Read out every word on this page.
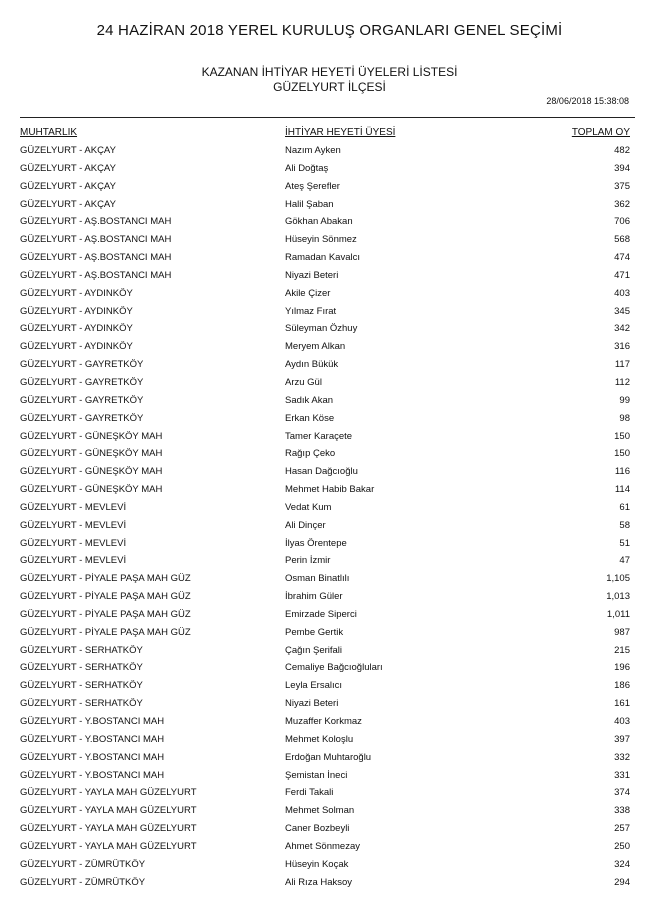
24 HAZİRAN 2018 YEREL KURULUŞ ORGANLARI GENEL SEÇİMİ

KAZANAN İHTİYAR HEYETİ ÜYELERİ LİSTESİ

GÜZELYURT İLÇESİ

28/06/2018 15:38:08
MUHTARLIK	İHTİYAR HEYETİ ÜYESİ	TOPLAM OY
GÜZELYURT - AKÇAY	Nazım Ayken	482
GÜZELYURT - AKÇAY	Ali Doğtaş	394
GÜZELYURT - AKÇAY	Ateş Şerefler	375
GÜZELYURT - AKÇAY	Halil Şaban	362
GÜZELYURT - AŞ.BOSTANCI MAH	Gökhan Abakan	706
GÜZELYURT - AŞ.BOSTANCI MAH	Hüseyin Sönmez	568
GÜZELYURT - AŞ.BOSTANCI MAH	Ramadan Kavalcı	474
GÜZELYURT - AŞ.BOSTANCI MAH	Niyazi Beteri	471
GÜZELYURT - AYDINKÖY	Akile Çizer	403
GÜZELYURT - AYDINKÖY	Yılmaz Fırat	345
GÜZELYURT - AYDINKÖY	Süleyman Özhuy	342
GÜZELYURT - AYDINKÖY	Meryem Alkan	316
GÜZELYURT - GAYRETKÖY	Aydın Bükük	117
GÜZELYURT - GAYRETKÖY	Arzu Gül	112
GÜZELYURT - GAYRETKÖY	Sadık Akan	99
GÜZELYURT - GAYRETKÖY	Erkan Köse	98
GÜZELYURT - GÜNEŞKÖY MAH	Tamer Karaçete	150
GÜZELYURT - GÜNEŞKÖY MAH	Rağıp Çeko	150
GÜZELYURT - GÜNEŞKÖY MAH	Hasan Dağcıoğlu	116
GÜZELYURT - GÜNEŞKÖY MAH	Mehmet Habib Bakar	114
GÜZELYURT - MEVLEVİ	Vedat Kum	61
GÜZELYURT - MEVLEVİ	Ali Dinçer	58
GÜZELYURT - MEVLEVİ	İlyas Örentepe	51
GÜZELYURT - MEVLEVİ	Perin İzmir	47
GÜZELYURT - PİYALE PAŞA MAH GÜZ	Osman Binatlılı	1,105
GÜZELYURT - PİYALE PAŞA MAH GÜZ	İbrahim Güler	1,013
GÜZELYURT - PİYALE PAŞA MAH GÜZ	Emirzade Siperci	1,011
GÜZELYURT - PİYALE PAŞA MAH GÜZ	Pembe Gertik	987
GÜZELYURT - SERHATKÖY	Çağın Şerifali	215
GÜZELYURT - SERHATKÖY	Cemaliye Bağcıoğluları	196
GÜZELYURT - SERHATKÖY	Leyla Ersalıcı	186
GÜZELYURT - SERHATKÖY	Niyazi Beteri	161
GÜZELYURT - Y.BOSTANCI MAH	Muzaffer Korkmaz	403
GÜZELYURT - Y.BOSTANCI MAH	Mehmet Koloşlu	397
GÜZELYURT - Y.BOSTANCI MAH	Erdoğan Muhtaroğlu	332
GÜZELYURT - Y.BOSTANCI MAH	Şemistan İneci	331
GÜZELYURT - YAYLA MAH GÜZELYURT	Ferdi Takali	374
GÜZELYURT - YAYLA MAH GÜZELYURT	Mehmet Solman	338
GÜZELYURT - YAYLA MAH GÜZELYURT	Caner Bozbeyli	257
GÜZELYURT - YAYLA MAH GÜZELYURT	Ahmet Sönmezay	250
GÜZELYURT - ZÜMRÜTKÖY	Hüseyin Koçak	324
GÜZELYURT - ZÜMRÜTKÖY	Ali Rıza Haksoy	294
